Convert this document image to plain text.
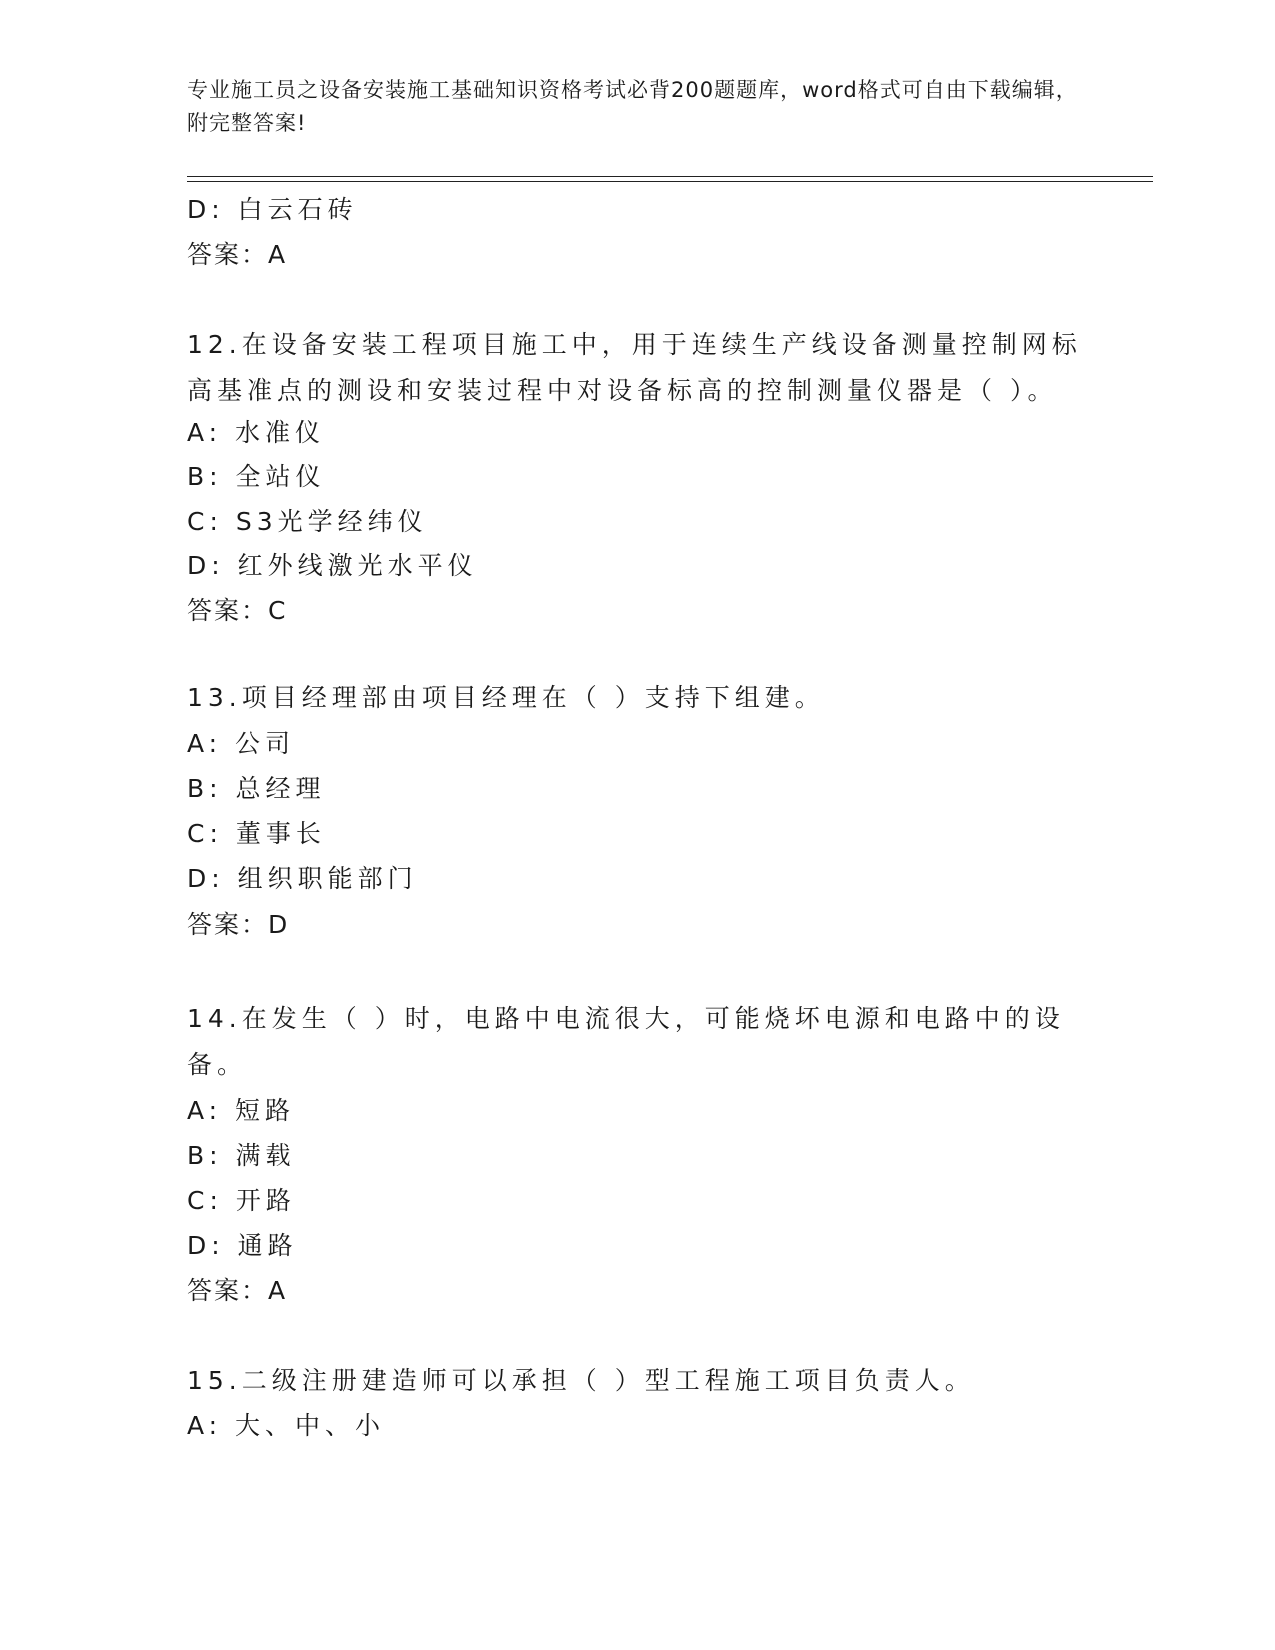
专业施工员之设备安装施工基础知识资格考试必背200题题库，word格式可自由下载编辑，附完整答案!
D: 白云石砖
答案：A
12.在设备安装工程项目施工中，用于连续生产线设备测量控制网标高基准点的测设和安装过程中对设备标高的控制测量仪器是（ ）。
A: 水准仪
B: 全站仪
C: S3光学经纬仪
D: 红外线激光水平仪
答案：C
13.项目经理部由项目经理在（ ）支持下组建。
A: 公司
B: 总经理
C: 董事长
D: 组织职能部门
答案：D
14.在发生（ ）时，电路中电流很大，可能烧坏电源和电路中的设备。
A: 短路
B: 满载
C: 开路
D: 通路
答案：A
15.二级注册建造师可以承担（ ）型工程施工项目负责人。
A: 大、中、小
